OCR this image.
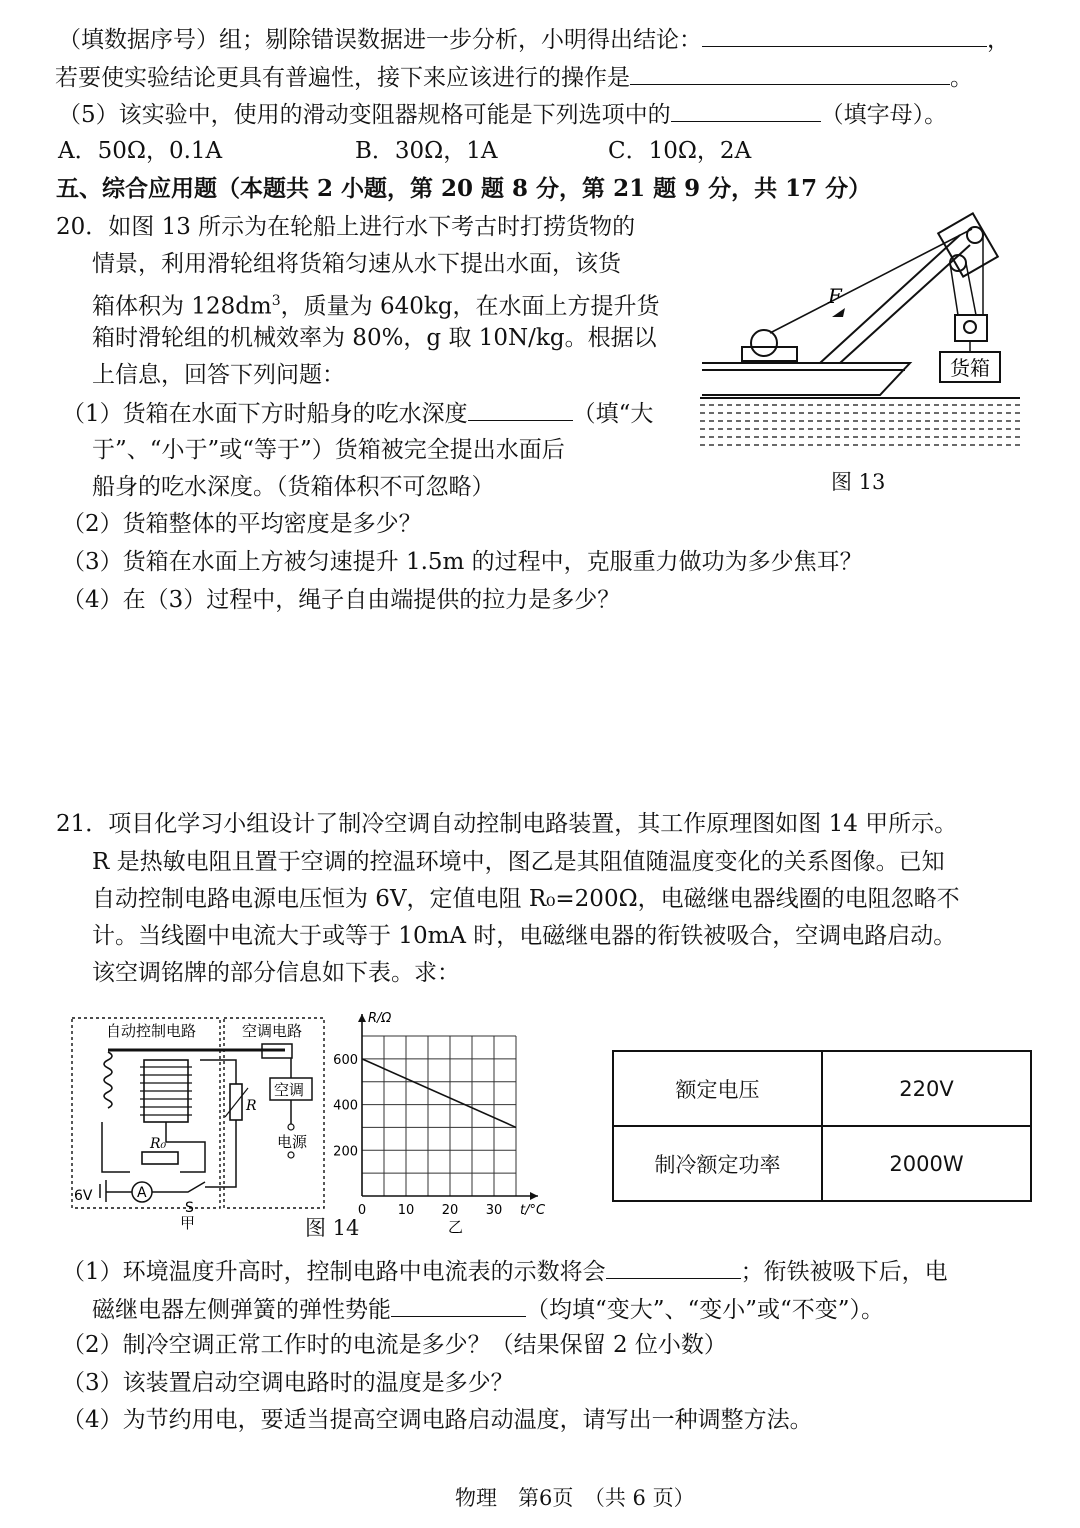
（填数据序号）组；剔除错误数据进一步分析，小明得出结论：	，
若要使实验结论更具有普遍性，接下来应该进行的操作是	。
（5）该实验中，使用的滑动变阻器规格可能是下列选项中的	（填字母）。
A．50Ω，0.1A	B．30Ω，1A	C．10Ω，2A
五、综合应用题（本题共 2 小题，第 20 题 8 分，第 21 题 9 分，共 17 分）
20．如图 13 所示为在轮船上进行水下考古时打捞货物的
情景，利用滑轮组将货箱匀速从水下提出水面，该货
箱体积为 $128dm^3$，质量为 640kg，在水面上方提升货
箱时滑轮组的机械效率为 80%，g 取 10N/kg。根据以
上信息，回答下列问题：
（1）货箱在水面下方时船身的吃水深度	（填“大
于”、“小于”或“等于”）货箱被完全提出水面后
船身的吃水深度。（货箱体积不可忽略）
（2）货箱整体的平均密度是多少？
（3）货箱在水面上方被匀速提升 1.5m 的过程中，克服重力做功为多少焦耳？
（4）在（3）过程中，绳子自由端提供的拉力是多少？
货箱
F
图 13
21．项目化学习小组设计了制冷空调自动控制电路装置，其工作原理图如图 14 甲所示。
R 是热敏电阻且置于空调的控温环境中，图乙是其阻值随温度变化的关系图像。已知
自动控制电路电源电压恒为 6V，定值电阻 R₀=200Ω，电磁继电器线圈的电阻忽略不
计。当线圈中电流大于或等于 10mA 时，电磁继电器的衔铁被吸合，空调电路启动。
该空调铭牌的部分信息如下表。求：
自动控制电路	空调电路
R₀
R
6V	A
S
空调
电源
甲
R/Ω
t/°C
0 10 20 30
200
400
600
乙
图 14
额定电压	220V
制冷额定功率	2000W
（1）环境温度升高时，控制电路中电流表的示数将会	；衔铁被吸下后，电
磁继电器左侧弹簧的弹性势能	（均填“变大”、“变小”或“不变”）。
（2）制冷空调正常工作时的电流是多少？（结果保留 2 位小数）
（3）该装置启动空调电路时的温度是多少？
（4）为节约用电，要适当提高空调电路启动温度，请写出一种调整方法。
物理　第6页　（共 6 页）
